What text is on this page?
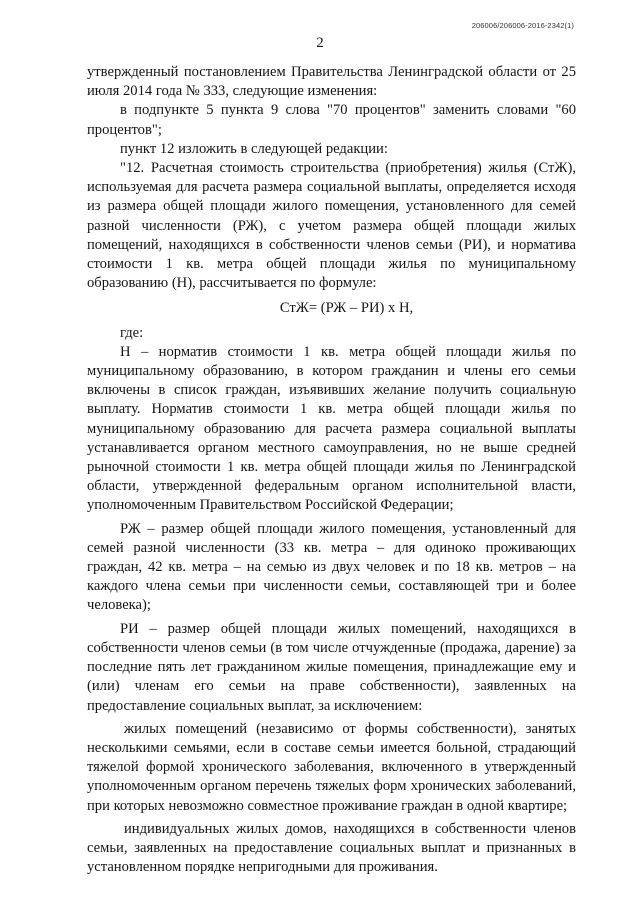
206006/206006-2016-2342(1)
2

утвержденный постановлением Правительства Ленинградской области от 25 июля 2014 года № 333, следующие изменения:

в подпункте 5 пункта 9 слова "70 процентов" заменить словами "60 процентов";

пункт 12 изложить в следующей редакции:

"12. Расчетная стоимость строительства (приобретения) жилья (СтЖ), используемая для расчета размера социальной выплаты, определяется исходя из размера общей площади жилого помещения, установленного для семей разной численности (РЖ), с учетом размера общей площади жилых помещений, находящихся в собственности членов семьи (РИ), и норматива стоимости 1 кв. метра общей площади жилья по муниципальному образованию (Н), рассчитывается по формуле:

СтЖ= (РЖ – РИ) х Н,

где:

Н – норматив стоимости 1 кв. метра общей площади жилья по муниципальному образованию, в котором гражданин и члены его семьи включены в список граждан, изъявивших желание получить социальную выплату. Норматив стоимости 1 кв. метра общей площади жилья по муниципальному образованию для расчета размера социальной выплаты устанавливается органом местного самоуправления, но не выше средней рыночной стоимости 1 кв. метра общей площади жилья по Ленинградской области, утвержденной федеральным органом исполнительной власти, уполномоченным Правительством Российской Федерации;

РЖ – размер общей площади жилого помещения, установленный для семей разной численности (33 кв. метра – для одиноко проживающих граждан, 42 кв. метра – на семью из двух человек и по 18 кв. метров – на каждого члена семьи при численности семьи, составляющей три и более человека);

РИ – размер общей площади жилых помещений, находящихся в собственности членов семьи (в том числе отчужденные (продажа, дарение) за последние пять лет гражданином жилые помещения, принадлежащие ему и (или) членам его семьи на праве собственности), заявленных на предоставление социальных выплат, за исключением:

жилых помещений (независимо от формы собственности), занятых несколькими семьями, если в составе семьи имеется больной, страдающий тяжелой формой хронического заболевания, включенного в утвержденный уполномоченным органом перечень тяжелых форм хронических заболеваний, при которых невозможно совместное проживание граждан в одной квартире;

индивидуальных жилых домов, находящихся в собственности членов семьи, заявленных на предоставление социальных выплат и признанных в установленном порядке непригодными для проживания.
